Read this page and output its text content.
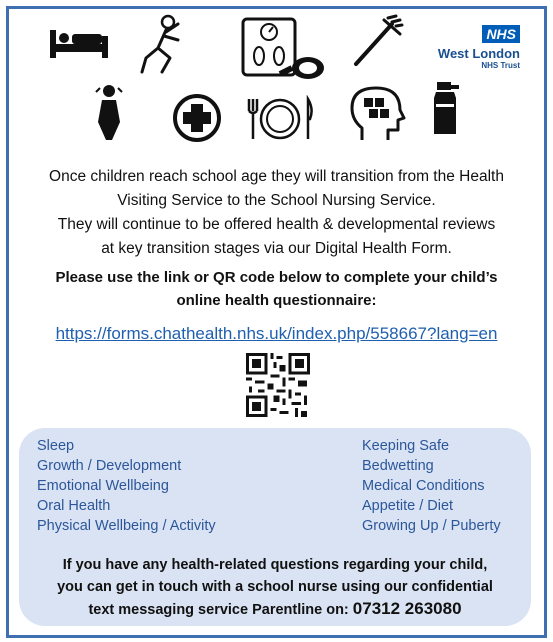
NHS
West London
NHS Trust
Once children reach school age they will transition from the Health
Visiting Service to the School Nursing Service.
They will continue to be offered health & developmental reviews
at key transition stages via our Digital Health Form.
Please use the link or QR code below to complete your child’s
online health questionnaire:
https://forms.chathealth.nhs.uk/index.php/558667?lang=en
Sleep
Growth / Development
Emotional Wellbeing
Oral Health
Physical Wellbeing / Activity
Keeping Safe
Bedwetting
Medical Conditions
Appetite / Diet
Growing Up / Puberty
If you have any health-related questions regarding your child,
you can get in touch with a school nurse using our confidential
text messaging service Parentline on: 07312 263080
